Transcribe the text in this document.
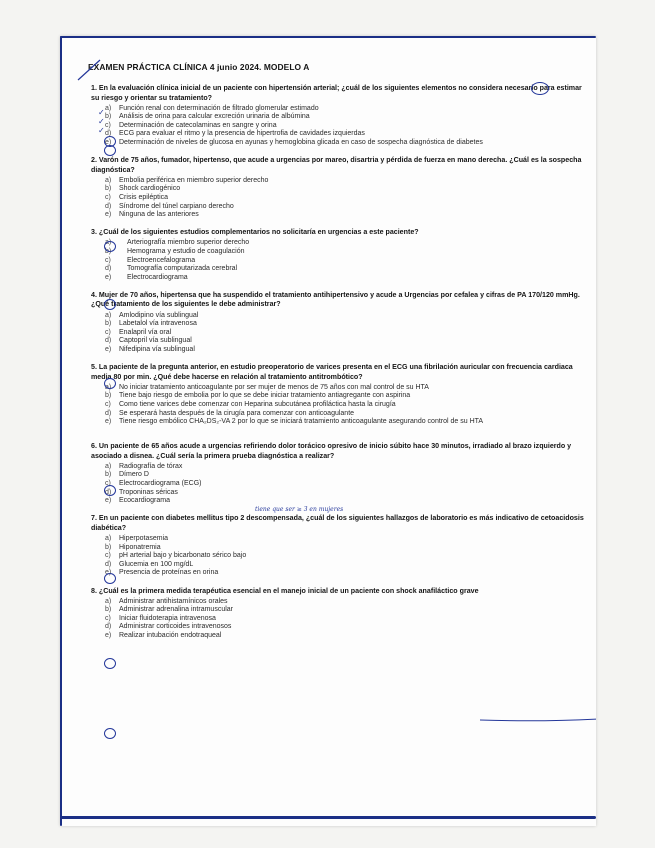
EXAMEN PRÁCTICA CLÍNICA 4 junio 2024. MODELO A
1. En la evaluación clínica inicial de un paciente con hipertensión arterial; ¿cuál de los siguientes elementos no considera necesario para estimar su riesgo y orientar su tratamiento?
a) Función renal con determinación de filtrado glomerular estimado
b) Análisis de orina para calcular excreción urinaria de albúmina
c) Determinación de catecolaminas en sangre y orina
d) ECG para evaluar el ritmo y la presencia de hipertrofia de cavidades izquierdas
e) Determinación de niveles de glucosa en ayunas y hemoglobina glicada en caso de sospecha diagnóstica de diabetes
2. Varón de 75 años, fumador, hipertenso, que acude a urgencias por mareo, disartria y pérdida de fuerza en mano derecha. ¿Cuál es la sospecha diagnóstica?
a) Embolia periférica en miembro superior derecho
b) Shock cardiogénico
c) Crisis epiléptica
d) Síndrome del túnel carpiano derecho
e) Ninguna de las anteriores
3. ¿Cuál de los siguientes estudios complementarios no solicitaría en urgencias a este paciente?
a) Arteriografía miembro superior derecho
b) Hemograma y estudio de coagulación
c) Electroencefalograma
d) Tomografía computarizada cerebral
e) Electrocardiograma
4. Mujer de 70 años, hipertensa que ha suspendido el tratamiento antihipertensivo y acude a Urgencias por cefalea y cifras de PA 170/120 mmHg. ¿Qué tratamiento de los siguientes le debe administrar?
a) Amlodipino vía sublingual
b) Labetalol vía intravenosa
c) Enalapril vía oral
d) Captopril vía sublingual
e) Nifedipina vía sublingual
5. La paciente de la pregunta anterior, en estudio preoperatorio de varices presenta en el ECG una fibrilación auricular con frecuencia cardiaca media 80 por min. ¿Qué debe hacerse en relación al tratamiento antitrombótico?
a) No iniciar tratamiento anticoagulante por ser mujer de menos de 75 años con mal control de su HTA
b) Tiene bajo riesgo de embolia por lo que se debe iniciar tratamiento antiagregante con aspirina
c) Como tiene varices debe comenzar con Heparina subcutánea profiláctica hasta la cirugía
d) Se esperará hasta después de la cirugía para comenzar con anticoagulante
e) Tiene riesgo embólico CHA₂DS₂-VA 2 por lo que se iniciará tratamiento anticoagulante asegurando control de su HTA
6. Un paciente de 65 años acude a urgencias refiriendo dolor torácico opresivo de inicio súbito hace 30 minutos, irradiado al brazo izquierdo y asociado a disnea. ¿Cuál sería la primera prueba diagnóstica a realizar?
a) Radiografía de tórax
b) Dímero D
c) Electrocardiograma (ECG)
d) Troponinas séricas
e) Ecocardiograma
7. En un paciente con diabetes mellitus tipo 2 descompensada, ¿cuál de los siguientes hallazgos de laboratorio es más indicativo de cetoacidosis diabética?
a) Hiperpotasemia
b) Hiponatremia
c) pH arterial bajo y bicarbonato sérico bajo
d) Glucemia en 100 mg/dL
e) Presencia de proteínas en orina
8. ¿Cuál es la primera medida terapéutica esencial en el manejo inicial de un paciente con shock anafiláctico grave
a) Administrar antihistamínicos orales
b) Administrar adrenalina intramuscular
c) Iniciar fluidoterapia intravenosa
d) Administrar corticoides intravenosos
e) Realizar intubación endotraqueal
✓
✓
✓
tiene que ser ≥ 3 en mujeres
